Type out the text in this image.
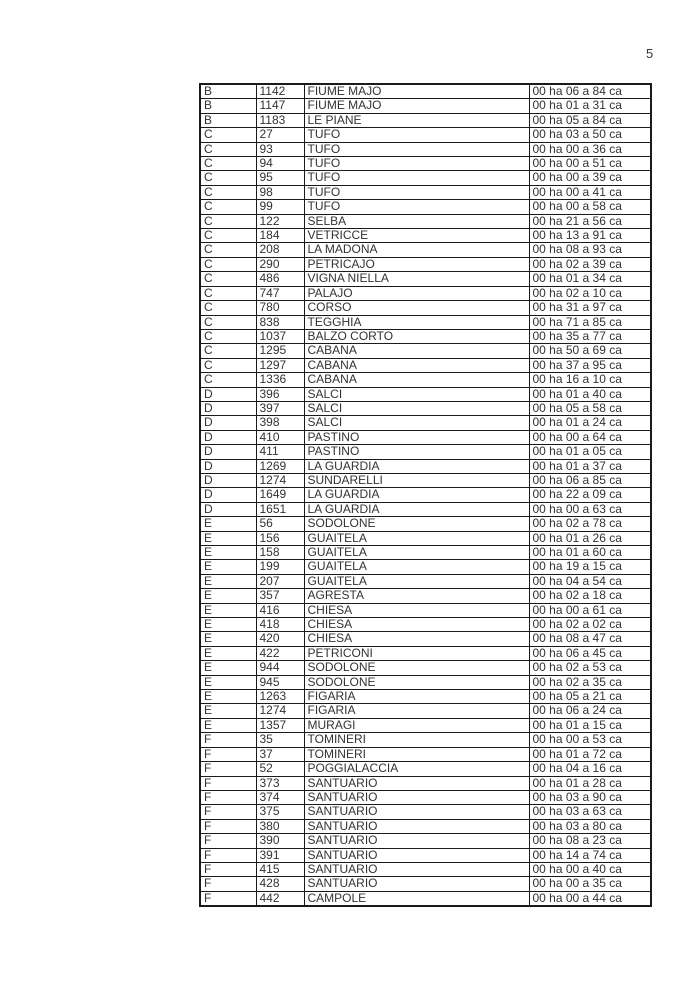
5
B	1142	FIUME MAJO	00 ha 06 a 84 ca
B	1147	FIUME MAJO	00 ha 01 a 31 ca
B	1183	LE PIANE	00 ha 05 a 84 ca
C	27	TUFO	00 ha 03 a 50 ca
C	93	TUFO	00 ha 00 a 36 ca
C	94	TUFO	00 ha 00 a 51 ca
C	95	TUFO	00 ha 00 a 39 ca
C	98	TUFO	00 ha 00 a 41 ca
C	99	TUFO	00 ha 00 a 58 ca
C	122	SELBA	00 ha 21 a 56 ca
C	184	VETRICCE	00 ha 13 a 91 ca
C	208	LA MADONA	00 ha 08 a 93 ca
C	290	PETRICAJO	00 ha 02 a 39 ca
C	486	VIGNA NIELLA	00 ha 01 a 34 ca
C	747	PALAJO	00 ha 02 a 10 ca
C	780	CORSO	00 ha 31 a 97 ca
C	838	TEGGHIA	00 ha 71 a 85 ca
C	1037	BALZO CORTO	00 ha 35 a 77 ca
C	1295	CABANA	00 ha 50 a 69 ca
C	1297	CABANA	00 ha 37 a 95 ca
C	1336	CABANA	00 ha 16 a 10 ca
D	396	SALCI	00 ha 01 a 40 ca
D	397	SALCI	00 ha 05 a 58 ca
D	398	SALCI	00 ha 01 a 24 ca
D	410	PASTINO	00 ha 00 a 64 ca
D	411	PASTINO	00 ha 01 a 05 ca
D	1269	LA GUARDIA	00 ha 01 a 37 ca
D	1274	SUNDARELLI	00 ha 06 a 85 ca
D	1649	LA GUARDIA	00 ha 22 a 09 ca
D	1651	LA GUARDIA	00 ha 00 a 63 ca
E	56	SODOLONE	00 ha 02 a 78 ca
E	156	GUAITELA	00 ha 01 a 26 ca
E	158	GUAITELA	00 ha 01 a 60 ca
E	199	GUAITELA	00 ha 19 a 15 ca
E	207	GUAITELA	00 ha 04 a 54 ca
E	357	AGRESTA	00 ha 02 a 18 ca
E	416	CHIESA	00 ha 00 a 61 ca
E	418	CHIESA	00 ha 02 a 02 ca
E	420	CHIESA	00 ha 08 a 47 ca
E	422	PETRICONI	00 ha 06 a 45 ca
E	944	SODOLONE	00 ha 02 a 53 ca
E	945	SODOLONE	00 ha 02 a 35 ca
E	1263	FIGARIA	00 ha 05 a 21 ca
E	1274	FIGARIA	00 ha 06 a 24 ca
E	1357	MURAGI	00 ha 01 a 15 ca
F	35	TOMINERI	00 ha 00 a 53 ca
F	37	TOMINERI	00 ha 01 a 72 ca
F	52	POGGIALACCIA	00 ha 04 a 16 ca
F	373	SANTUARIO	00 ha 01 a 28 ca
F	374	SANTUARIO	00 ha 03 a 90 ca
F	375	SANTUARIO	00 ha 03 a 63 ca
F	380	SANTUARIO	00 ha 03 a 80 ca
F	390	SANTUARIO	00 ha 08 a 23 ca
F	391	SANTUARIO	00 ha 14 a 74 ca
F	415	SANTUARIO	00 ha 00 a 40 ca
F	428	SANTUARIO	00 ha 00 a 35 ca
F	442	CAMPOLE	00 ha 00 a 44 ca
